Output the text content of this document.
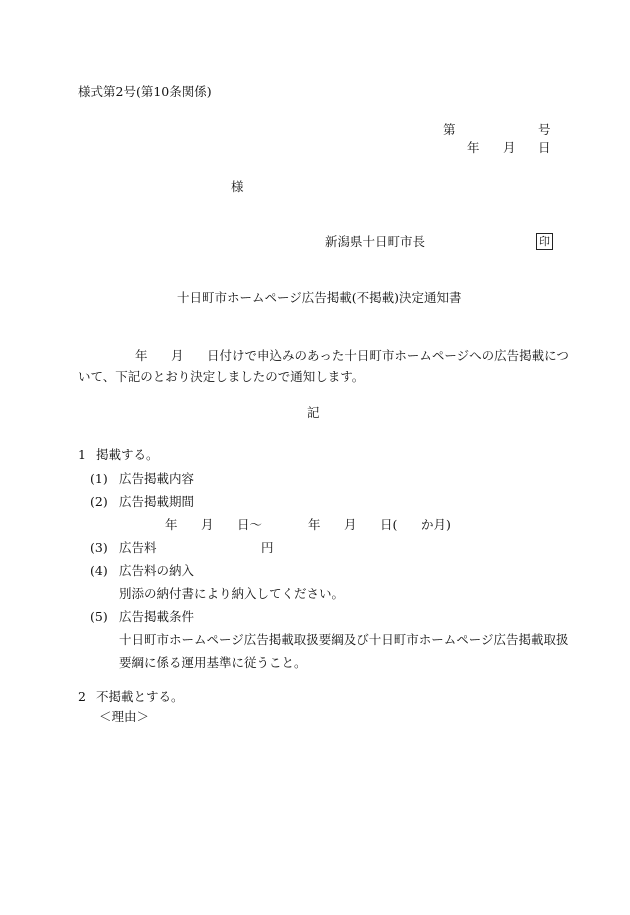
様式第2号(第10条関係)
第	号
年 月 日
様
新潟県十日町市長	印
十日町市ホームページ広告掲載(不掲載)決定通知書
年 月 日付けで申込みのあった十日町市ホームページへの広告掲載につ
いて、下記のとおり決定しましたので通知します。
記
1 掲載する。
(1) 広告掲載内容
(2) 広告掲載期間
年 月 日～	年 月 日( か月)
(3) 広告料	円
(4) 広告料の納入
別添の納付書により納入してください。
(5) 広告掲載条件
十日町市ホームページ広告掲載取扱要綱及び十日町市ホームページ広告掲載取扱
要綱に係る運用基準に従うこと。
2 不掲載とする。
＜理由＞
